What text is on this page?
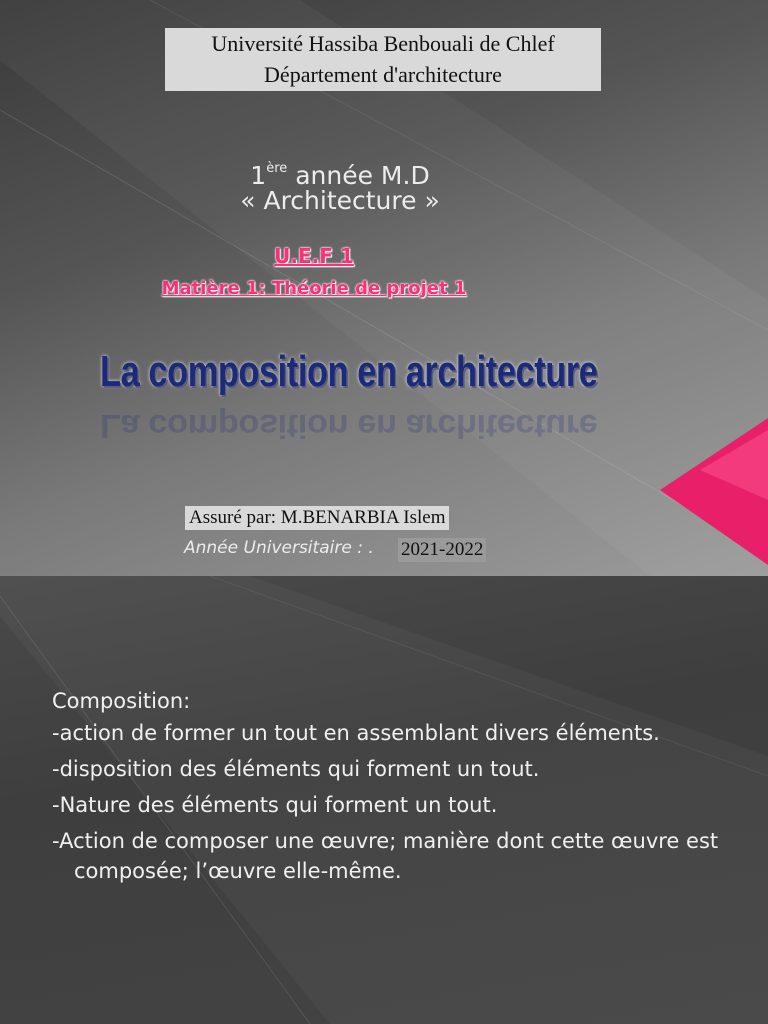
Université Hassiba Benbouali de Chlef
Département d'architecture
1ère année M.D
« Architecture »
U.E.F 1
Matière 1: Théorie de projet 1
La composition en architecture
La composition en architecture
Assuré par: M.BENARBIA Islem
Année Universitaire : . 2021-2022

Composition:

-action de former un tout en assemblant divers éléments.

-disposition des éléments qui forment un tout.

-Nature des éléments qui forment un tout.

-Action de composer une œuvre; manière dont cette œuvre est composée; l’œuvre elle-même.
